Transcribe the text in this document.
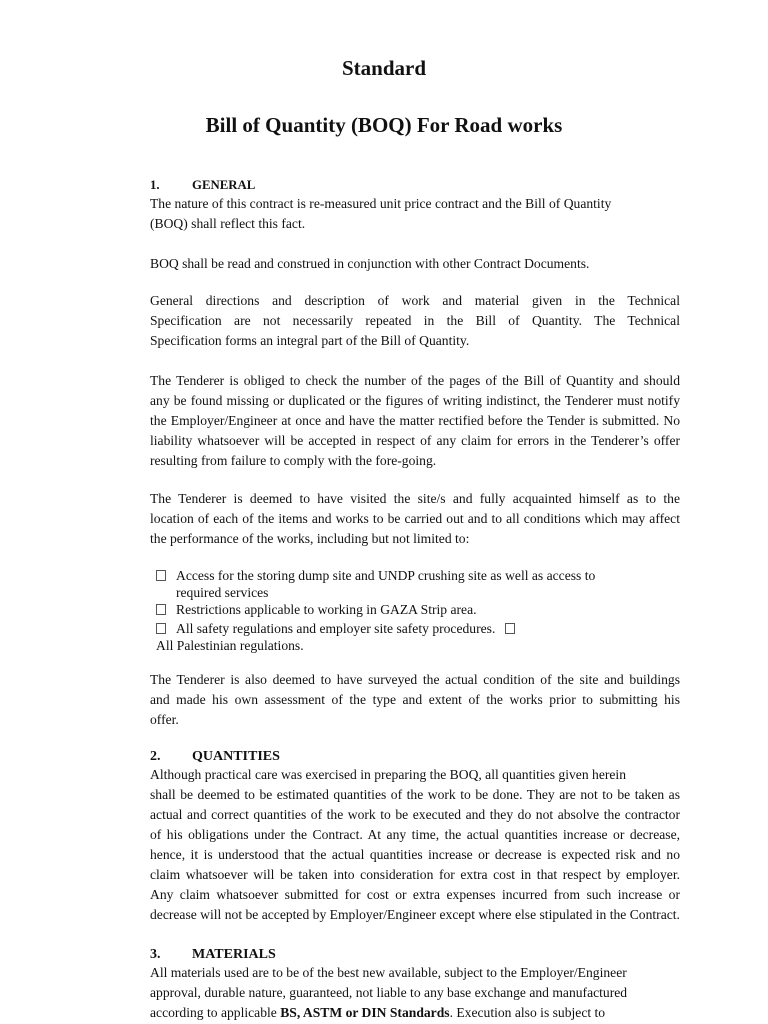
Standard
Bill of Quantity (BOQ) For Road works
1.	GENERAL
The nature of this contract is re-measured unit price contract and the Bill of Quantity
(BOQ) shall reflect this fact.
BOQ shall be read and construed in conjunction with other Contract Documents.
General directions and description of work and material given in the Technical
Specification are not necessarily repeated in the Bill of Quantity. The Technical
Specification forms an integral part of the Bill of Quantity.
The Tenderer is obliged to check the number of the pages of the Bill of Quantity and should
any be found missing or duplicated or the figures of writing indistinct, the Tenderer must notify
the Employer/Engineer at once and have the matter rectified before the Tender is submitted. No
liability whatsoever will be accepted in respect of any claim for errors in the Tenderer’s offer
resulting from failure to comply with the fore-going.
The Tenderer is deemed to have visited the site/s and fully acquainted himself as to the
location of each of the items and works to be carried out and to all conditions which may affect
the performance of the works, including but not limited to:
Access for the storing dump site and UNDP crushing site as well as access to
required services
Restrictions applicable to working in GAZA Strip area.
All safety regulations and employer site safety procedures.
All Palestinian regulations.
The Tenderer is also deemed to have surveyed the actual condition of the site and buildings
and made his own assessment of the type and extent of the works prior to submitting his
offer.
2. QUANTITIES
Although practical care was exercised in preparing the BOQ, all quantities given herein
shall be deemed to be estimated quantities of the work to be done. They are not to be taken as
actual and correct quantities of the work to be executed and they do not absolve the contractor
of his obligations under the Contract. At any time, the actual quantities increase or decrease,
hence, it is understood that the actual quantities increase or decrease is expected risk and no
claim whatsoever will be taken into consideration for extra cost in that respect by employer.
Any claim whatsoever submitted for cost or extra expenses incurred from such increase or
decrease will not be accepted by Employer/Engineer except where else stipulated in the Contract.
3. MATERIALS
All materials used are to be of the best new available, subject to the Employer/Engineer
approval, durable nature, guaranteed, not liable to any base exchange and manufactured
according to applicable BS, ASTM or DIN Standards. Execution also is subject to
